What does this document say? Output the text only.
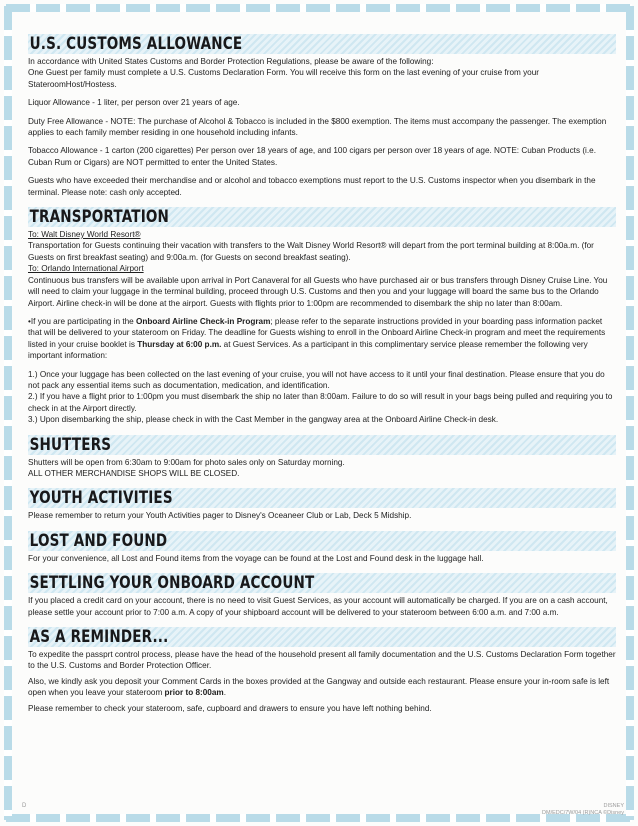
U.S. CUSTOMS ALLOWANCE

In accordance with United States Customs and Border Protection Regulations, please be aware of the following:

One Guest per family must complete a U.S. Customs Declaration Form. You will receive this form on the last evening of your cruise from your StateroomHost/Hostess.

Liquor Allowance - 1 liter, per person over 21 years of age.

Duty Free Allowance - NOTE: The purchase of Alcohol & Tobacco is included in the $800 exemption. The items must accompany the passenger. The exemption applies to each family member residing in one household including infants.

Tobacco Allowance - 1 carton (200 cigarettes) Per person over 18 years of age, and 100 cigars per person over 18 years of age. NOTE: Cuban Products (i.e. Cuban Rum or Cigars) are NOT permitted to enter the United States.

Guests who have exceeded their merchandise and or alcohol and tobacco exemptions must report to the U.S. Customs inspector when you disembark in the terminal. Please note: cash only accepted.

TRANSPORTATION

To: Walt Disney World Resort®

Transportation for Guests continuing their vacation with transfers to the Walt Disney World Resort® will depart from the port terminal building at 8:00a.m. (for Guests on first breakfast seating) and 9:00a.m. (for Guests on second breakfast seating).

To: Orlando International Airport

Continuous bus transfers will be available upon arrival in Port Canaveral for all Guests who have purchased air or bus transfers through Disney Cruise Line. You will need to claim your luggage in the terminal building, proceed through U.S. Customs and then you and your luggage will board the same bus to the Orlando Airport. Airline check-in will be done at the airport. Guests with flights prior to 1:00pm are recommended to disembark the ship no later than 8:00am.

•If you are participating in the Onboard Airline Check-in Program; please refer to the separate instructions provided in your boarding pass information packet that will be delivered to your stateroom on Friday. The deadline for Guests wishing to enroll in the Onboard Airline Check-in program and meet the requirements listed in your cruise booklet is Thursday at 6:00 p.m. at Guest Services. As a participant in this complimentary service please remember the following very important information:

1.) Once your luggage has been collected on the last evening of your cruise, you will not have access to it until your final destination. Please ensure that you do not pack any essential items such as documentation, medication, and identification.

2.) If you have a flight prior to 1:00pm you must disembark the ship no later than 8:00am. Failure to do so will result in your bags being pulled and requiring you to check in at the Airport directly.

3.) Upon disembarking the ship, please check in with the Cast Member in the gangway area at the Onboard Airline Check-in desk.

SHUTTERS

Shutters will be open from 6:30am to 9:00am for photo sales only on Saturday morning.

ALL OTHER MERCHANDISE SHOPS WILL BE CLOSED.

YOUTH ACTIVITIES

Please remember to return your Youth Activities pager to Disney's Oceaneer Club or Lab, Deck 5 Midship.

LOST AND FOUND

For your convenience, all Lost and Found items from the voyage can be found at the Lost and Found desk in the luggage hall.

SETTLING YOUR ONBOARD ACCOUNT

If you placed a credit card on your account, there is no need to visit Guest Services, as your account will automatically be charged. If you are on a cash account, please settle your account prior to 7:00 a.m. A copy of your shipboard account will be delivered to your stateroom between 6:00 a.m. and 7:00 a.m.

AS A REMINDER...

To expedite the passprt control process, please have the head of the household present all family documentation and the U.S. Customs Declaration Form together to the U.S. Customs and Border Protection Officer.

Also, we kindly ask you deposit your Comment Cards in the boxes provided at the Gangway and outside each restaurant. Please ensure your in-room safe is left open when you leave your stateroom prior to 8:00am.

Please remember to check your stateroom, safe, cupboard and drawers to ensure you have left nothing behind.

D	DISNEY
DM/EDC/7W/04 (R)NCA ©Disney
